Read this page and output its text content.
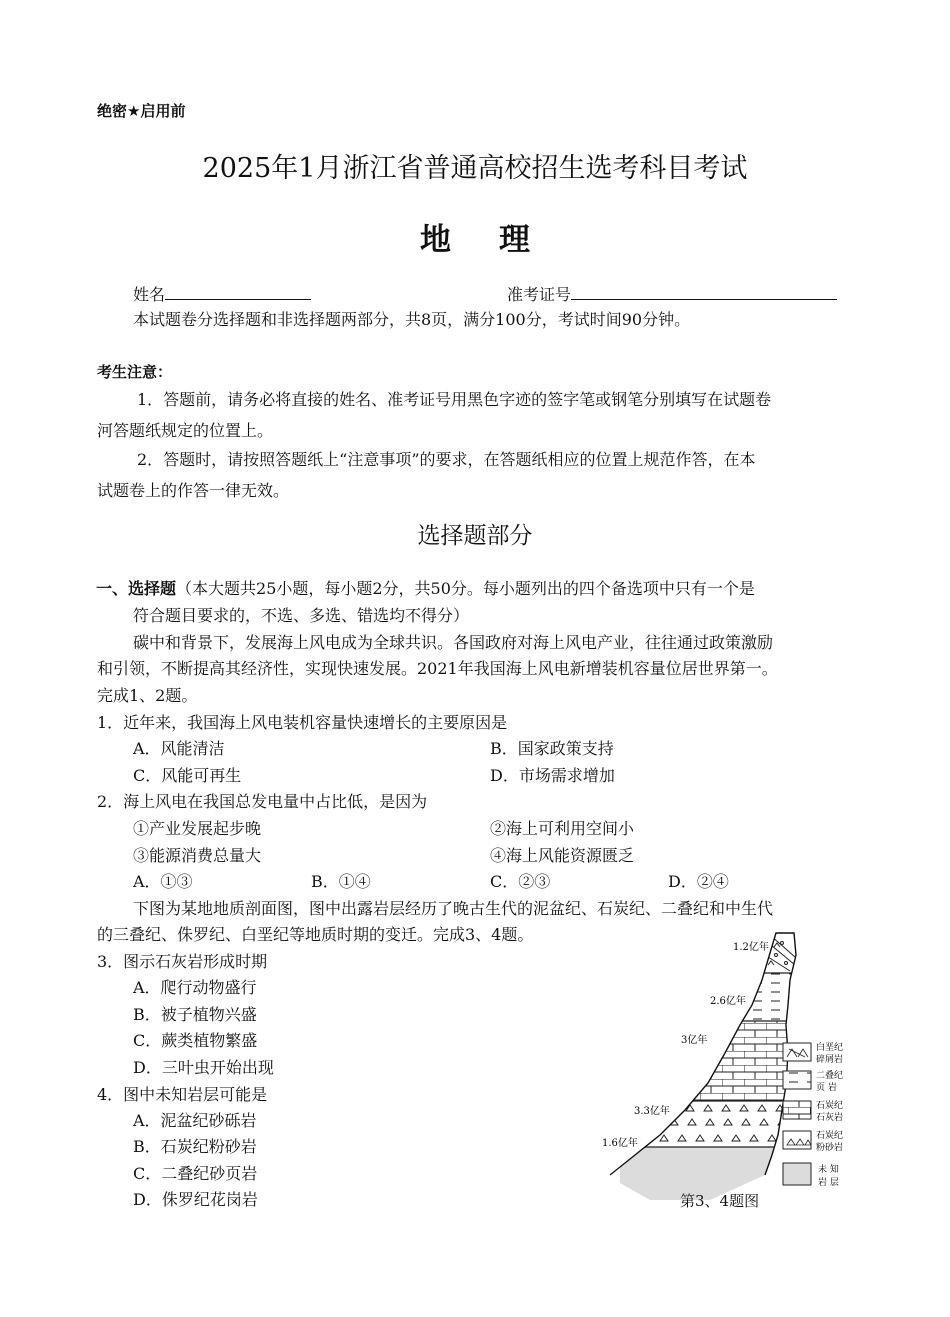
绝密★启用前
2025年1月浙江省普通高校招生选考科目考试
地理
姓名	准考证号
本试题卷分选择题和非选择题两部分，共8页，满分100分，考试时间90分钟。
考生注意：
1．答题前，请务必将直接的姓名、准考证号用黑色字迹的签字笔或钢笔分别填写在试题卷
河答题纸规定的位置上。
2．答题时，请按照答题纸上“注意事项”的要求，在答题纸相应的位置上规范作答，在本
试题卷上的作答一律无效。
选择题部分
一、选择题（本大题共25小题，每小题2分，共50分。每小题列出的四个备选项中只有一个是
符合题目要求的，不选、多选、错选均不得分）
碳中和背景下，发展海上风电成为全球共识。各国政府对海上风电产业，往往通过政策激励
和引领，不断提高其经济性，实现快速发展。2021年我国海上风电新增装机容量位居世界第一。
完成1、2题。
1．近年来，我国海上风电装机容量快速增长的主要原因是
A．风能清洁	B．国家政策支持
C．风能可再生	D．市场需求增加
2．海上风电在我国总发电量中占比低，是因为
①产业发展起步晚	②海上可利用空间小
③能源消费总量大	④海上风能资源匮乏
A．①③	B．①④	C．②③	D．②④
下图为某地地质剖面图，图中出露岩层经历了晚古生代的泥盆纪、石炭纪、二叠纪和中生代
的三叠纪、侏罗纪、白垩纪等地质时期的变迁。完成3、4题。
3．图示石灰岩形成时期
A．爬行动物盛行
B．被子植物兴盛
C．蕨类植物繁盛
D．三叶虫开始出现
4．图中未知岩层可能是
A．泥盆纪砂砾岩
B．石炭纪粉砂岩
C．二叠纪砂页岩
D．侏罗纪花岗岩
1.2亿年
2.6亿年
3亿年
3.3亿年
1.6亿年
白垩纪
碎屑岩
二叠纪
页 岩
石炭纪
石灰岩
石炭纪
粉砂岩
未 知
岩 层
第3、4题图
